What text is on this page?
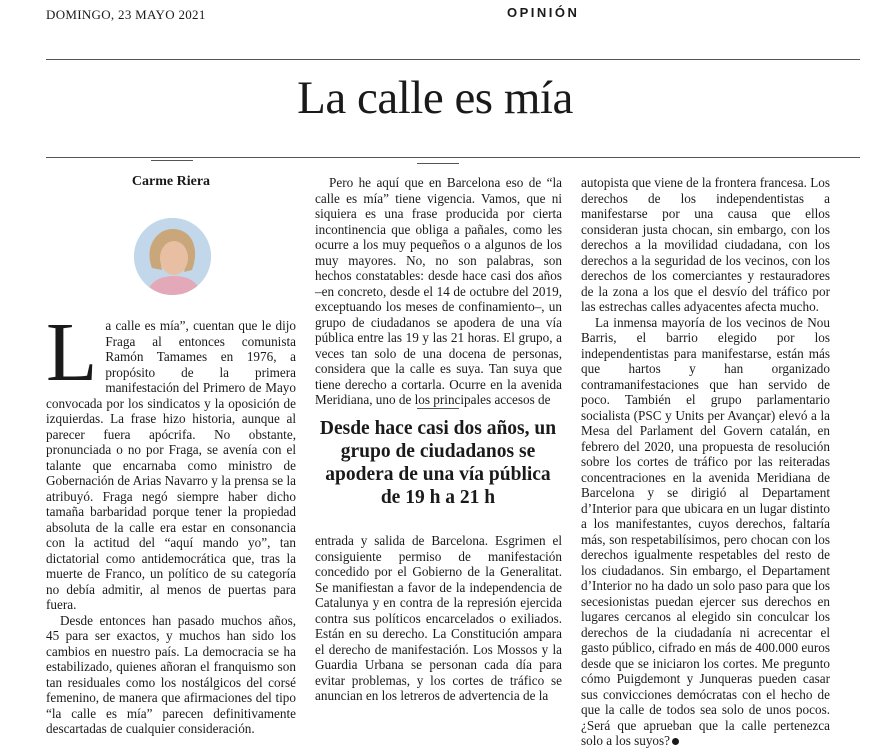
DOMINGO, 23 MAYO 2021	OPINIÓN
La calle es mía
Carme Riera
L a calle es mía”, cuentan que le dijo Fraga al entonces comunista Ramón Tamames en 1976, a propósito de la primera manifestación del Primero de Mayo convocada por los sindicatos y la oposición de izquierdas. La frase hizo historia, aunque al parecer fuera apócrifa. No obstante, pronunciada o no por Fraga, se avenía con el talante que encarnaba como ministro de Gobernación de Arias Navarro y la prensa se la atribuyó. Fraga negó siempre haber dicho tamaña barbaridad porque tener la propiedad absoluta de la calle era estar en consonancia con la actitud del “aquí mando yo”, tan dictatorial como antidemocrática que, tras la muerte de Franco, un político de su categoría no debía admitir, al menos de puertas para fuera.

Desde entonces han pasado muchos años, 45 para ser exactos, y muchos han sido los cambios en nuestro país. La democracia se ha estabilizado, quienes añoran el franquismo son tan residuales como los nostálgicos del corsé femenino, de manera que afirmaciones del tipo “la calle es mía” parecen definitivamente descartadas de cualquier consideración.

Pero he aquí que en Barcelona eso de “la calle es mía” tiene vigencia. Vamos, que ni siquiera es una frase producida por cierta incontinencia que obliga a pañales, como les ocurre a los muy pequeños o a algunos de los muy mayores. No, no son palabras, son hechos constatables: desde hace casi dos años –en concreto, desde el 14 de octubre del 2019, exceptuando los meses de confinamiento–, un grupo de ciudadanos se apodera de una vía pública entre las 19 y las 21 horas. El grupo, a veces tan solo de una docena de personas, considera que la calle es suya. Tan suya que tiene derecho a cortarla. Ocurre en la avenida Meridiana, uno de los principales accesos de

Desde hace casi dos años, un grupo de ciudadanos se apodera de una vía pública de 19 h a 21 h

entrada y salida de Barcelona. Esgrimen el consiguiente permiso de manifestación concedido por el Gobierno de la Generalitat. Se manifiestan a favor de la independencia de Catalunya y en contra de la represión ejercida contra sus políticos encarcelados o exiliados. Están en su derecho. La Constitución ampara el derecho de manifestación. Los Mossos y la Guardia Urbana se personan cada día para evitar problemas, y los cortes de tráfico se anuncian en los letreros de advertencia de la

autopista que viene de la frontera francesa. Los derechos de los independentistas a manifestarse por una causa que ellos consideran justa chocan, sin embargo, con los derechos a la movilidad ciudadana, con los derechos a la seguridad de los vecinos, con los derechos de los comerciantes y restauradores de la zona a los que el desvío del tráfico por las estrechas calles adyacentes afecta mucho.

La inmensa mayoría de los vecinos de Nou Barris, el barrio elegido por los independentistas para manifestarse, están más que hartos y han organizado contramanifestaciones que han servido de poco. También el grupo parlamentario socialista (PSC y Units per Avançar) elevó a la Mesa del Parlament del Govern catalán, en febrero del 2020, una propuesta de resolución sobre los cortes de tráfico por las reiteradas concentraciones en la avenida Meridiana de Barcelona y se dirigió al Departament d’Interior para que ubicara en un lugar distinto a los manifestantes, cuyos derechos, faltaría más, son respetabilísimos, pero chocan con los derechos igualmente respetables del resto de los ciudadanos. Sin embargo, el Departament d’Interior no ha dado un solo paso para que los secesionistas puedan ejercer sus derechos en lugares cercanos al elegido sin conculcar los derechos de la ciudadanía ni acrecentar el gasto público, cifrado en más de 400.000 euros desde que se iniciaron los cortes. Me pregunto cómo Puigdemont y Junqueras pueden casar sus convicciones demócratas con el hecho de que la calle de todos sea solo de unos pocos. ¿Será que aprueban que la calle pertenezca solo a los suyos?
